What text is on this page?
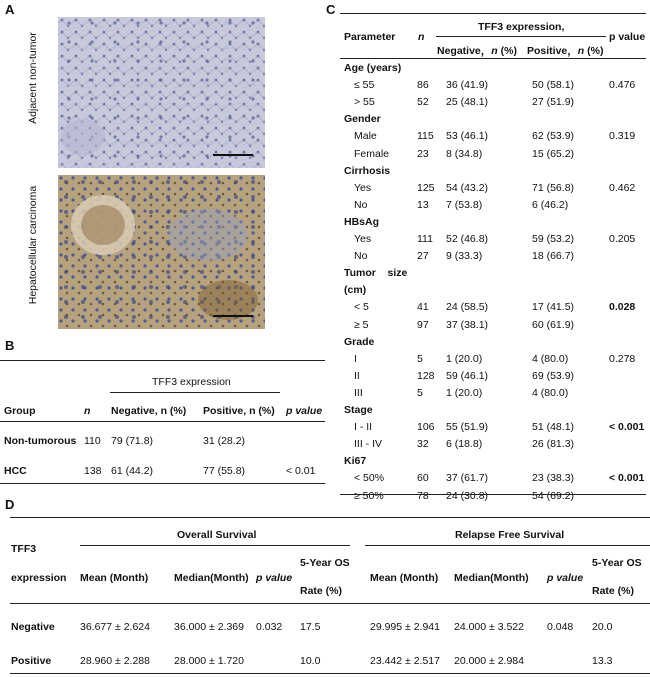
A
Adjacent non-tumor
Hepatocellular carcinoma
B
TFF3 expression
Group	n Negative, n (%) Positive, n (%) p value
Non-tumorous 110 79 (71.8)	31 (28.2)
HCC	138 61 (44.2)	77 (55.8)	< 0.01
C
Parameter n
TFF3 expression,
p value
Negative，n (%) Positive，n (%)
Age (years)
≤ 55	86 36 (41.9)	50 (58.1)	0.476
> 55	52 25 (48.1)	27 (51.9)
Gender
Male	115 53 (46.1)	62 (53.9)	0.319
Female	23 8 (34.8)	15 (65.2)
Cirrhosis
Yes	125 54 (43.2)	71 (56.8)	0.462
No	13 7 (53.8)	6 (46.2)
HBsAg
Yes	111 52 (46.8)	59 (53.2)	0.205
No	27 9 (33.3)	18 (66.7)
Tumor    size
(cm)
< 5	41 24 (58.5)	17 (41.5)	0.028
≥ 5	97 37 (38.1)	60 (61.9)
Grade
I	5 1 (20.0)	4 (80.0)	0.278
II	128 59 (46.1)	69 (53.9)
III	5 1 (20.0)	4 (80.0)
Stage
I - II	106 55 (51.9)	51 (48.1)	< 0.001
III - IV	32 6 (18.8)	26 (81.3)
Ki67
< 50%	60 37 (61.7)	23 (38.3)	< 0.001
≥ 50%	78 24 (30.8)	54 (69.2)
D
TFF3
expression
Overall Survival	Relapse Free Survival
Mean (Month) Median(Month) p value
5-Year OS
Rate (%)
Mean (Month) Median(Month) p value
5-Year OS
Rate (%)
Negative 36.677 ± 2.624 36.000 ± 2.369 0.032 17.5	29.995 ± 2.941 24.000 ± 3.522 0.048 20.0
Positive	28.960 ± 2.288 28.000 ± 1.720	10.0	23.442 ± 2.517 20.000 ± 2.984	13.3
